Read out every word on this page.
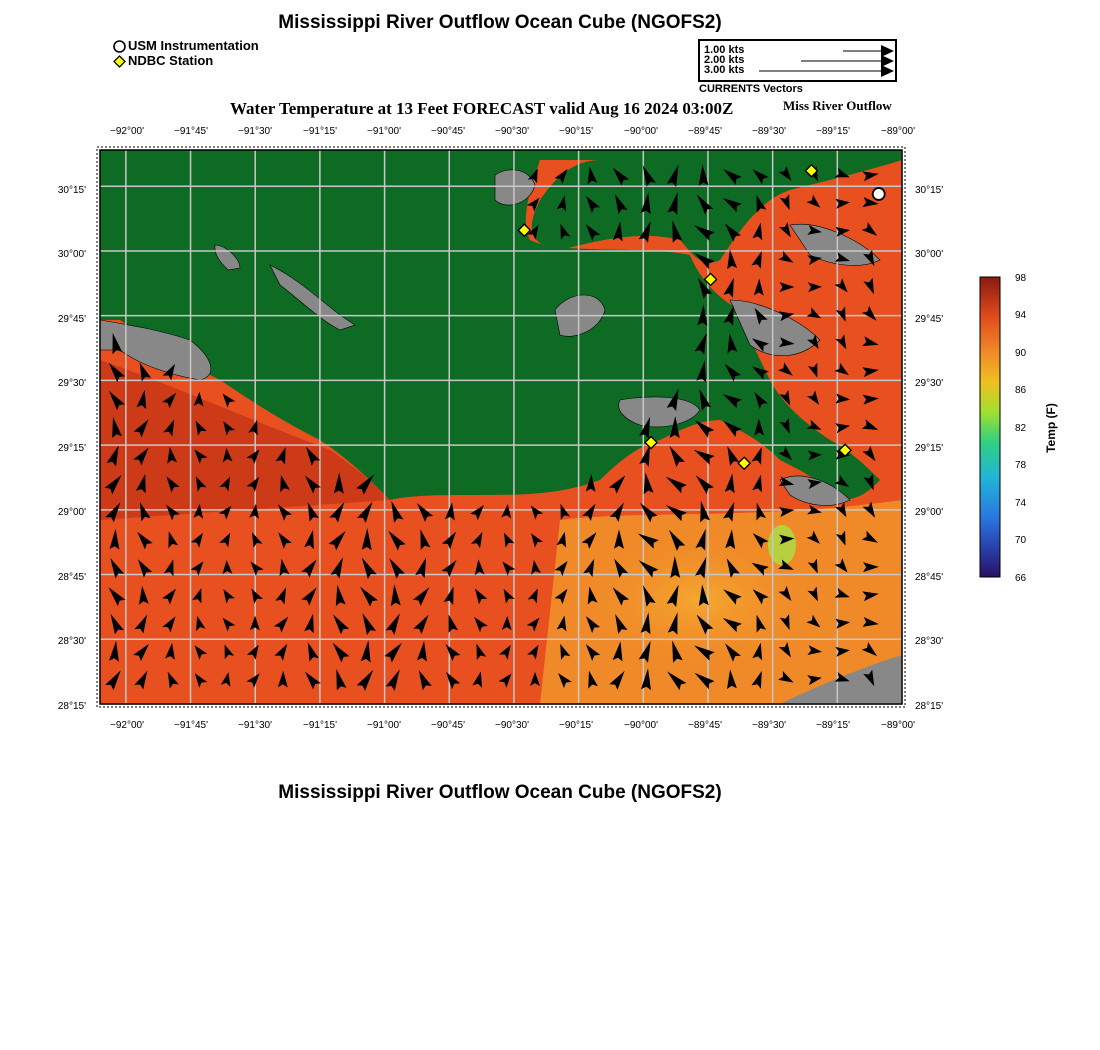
Mississippi River Outflow Ocean Cube (NGOFS2)
USM Instrumentation
NDBC Station
1.00 kts
2.00 kts
3.00 kts
CURRENTS Vectors
Water Temperature at 13 Feet FORECAST valid Aug 16 2024 03:00Z	Miss River Outflow
−92°00'	−91°45'	−91°30'	−91°15'	−91°00'	−90°45'	−90°30'	−90°15'	−90°00'	−89°45'	−89°30'	−89°15'	−89°00'
−92°00'	−91°45'	−91°30'	−91°15'	−91°00'	−90°45'	−90°30'	−90°15'	−90°00'	−89°45'	−89°30'	−89°15'	−89°00'
30°15'
30°00'
29°45'
29°30'
29°15'
29°00'
28°45'
28°30'
28°15'
30°15'
30°00'
29°45'
29°30'
29°15'
29°00'
28°45'
28°30'
28°15'
98
94
90
86
82
78
74
70
66
Temp (F)
Mississippi River Outflow Ocean Cube (NGOFS2)
